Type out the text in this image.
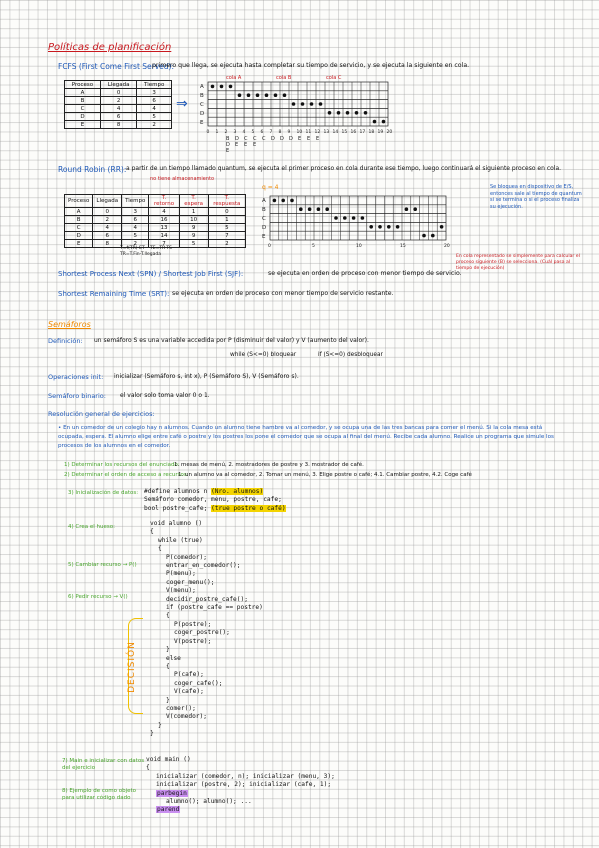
Políticas de planificación
FCFS (First Come First Served):
primero que llega, se ejecuta hasta completar su tiempo de servicio, y se ejecuta la siguiente en cola.
Proceso	Llegada	Tiempo
A	0	3
B	2	6
C	4	4
D	6	5
E	8	2
⇒
cola A	cola B	cola C
A
B
C
D
E
0 1 2 3 4 5 6 7 8 9 10 11 12 13 14 15 16 17 18 19 20
B D C C C D D D E E E
D E E E
E
Round Robin (RR): a partir de un tiempo llamado quantum, se ejecuta el primer proceso en cola durante ese tiempo, luego continuará el siguiente proceso en cola.
no tiene almacenamiento
Proceso	Llegada	Tiempo	T. retorno	T. espera	T. respuesta
A	0	3	4	1	0
B	2	6	16	10	1
C	4	4	13	9	5
D	6	5	14	9	7
E	8	2	7	5	2
T=f(TR)-ET TE=TR-TS
TR=T.Fin-T.llegada
q = 4
A
B
C
D
E
0	5	10	15	20
Se bloquea en dispositivo de E/S, entonces sale al tiempo de quantum si se termina o si el proceso finaliza su ejecución.
En cola representado se simplemente para calcular el proceso siguiente (B) se selecciona. (Cuál pasa al tiempo de ejecución)
Shortest Process Next (SPN) / Shortest Job First (SJF):	se ejecuta en orden de proceso con menor tiempo de servicio.
Shortest Remaining Time (SRT): se ejecuta en orden de proceso con menor tiempo de servicio restante.
Semáforos
Definición: un semáforo S es una variable accedida por P (disminuir del valor) y V (aumento del valor).
while (S<=0) bloquear	if (S<=0) desbloquear
Operaciones init: inicializar (Semáforo s, int x), P (Semáforo S), V (Semáforo s).
Semáforo binario: el valor solo toma valor 0 o 1.
Resolución general de ejercicios:
• En un comedor de un colegio hay n alumnos. Cuando un alumno tiene hambre va al comedor, y se ocupa una de las tres bancas para comer el menú. Si la cola mesa está ocupada, espera. El alumno elige entre café o postre y los postres los pone el comedor que se ocupa al final del menú. Recibe cada alumno. Realice un programa que simule los procesos de los alumnos en el comedor.
1) Determinar los recursos del enunciado:
1. mesas de menú, 2. mostradores de postre y 3. mostrador de café.
2) Determinar el orden de acceso a recursos:
1. un alumno va al comedor, 2. Tomar un menú, 3. Elige postre o café; 4.1. Cambiar postre, 4.2. Coge café
3) Inicialización de datos:
4) Crea el hueso:
5) Cambiar recurso → P()
6) Pedir recurso → V()
7) Main e inicializar con datos del ejercicio
8) Ejemplo de como objeto para utilizar código dado
#define alumnos n (Nro. alumnos)
Semáforo comedor, menu, postre, cafe;
bool postre_cafe; (true postre o café)
void alumno ()
{
while (true)
{
P(comedor);
entrar_en_comedor();
P(menu);
coger_menu();
V(menu);
decidir_postre_cafe();
if (postre_cafe == postre)
{
P(postre);
coger_postre();
V(postre);
}
else
{
P(cafe);
coger_cafe();
V(cafe);
}
comer();
V(comedor);
}
}
DECISIÓN
void main ()
{
inicializar (comedor, n); inicializar (menu, 3);
inicializar (postre, 2); inicializar (cafe, 1);
parbegin
alumno(); alumno(); ...
parend
